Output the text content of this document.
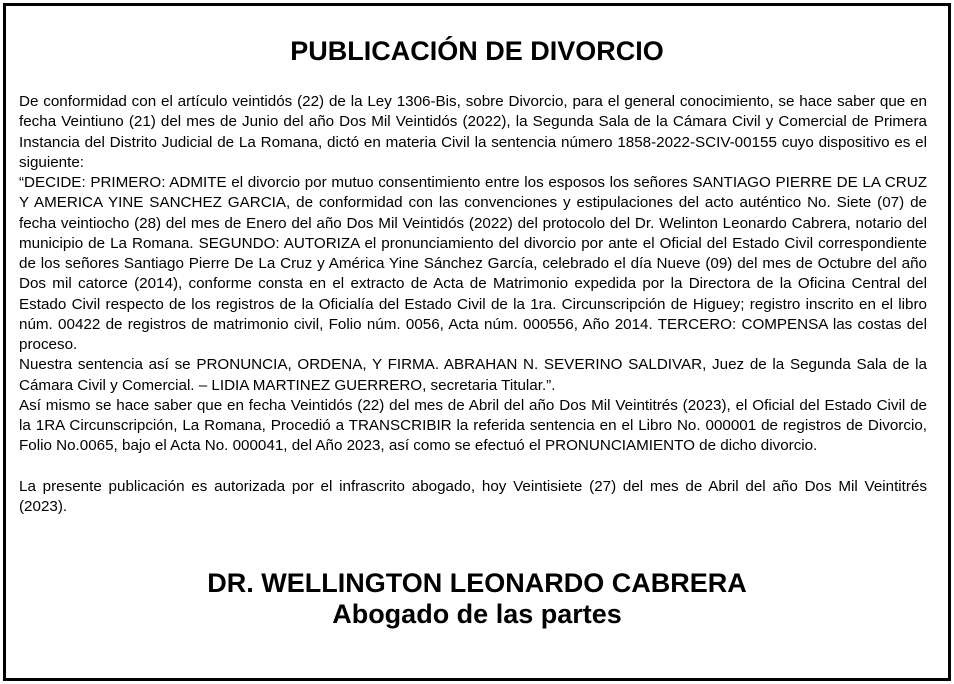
PUBLICACIÓN DE DIVORCIO

De conformidad con el artículo veintidós (22) de la Ley 1306-Bis, sobre Divorcio, para el general conocimiento, se hace saber que en fecha Veintiuno (21) del mes de Junio del año Dos Mil Veintidós (2022), la Segunda Sala de la Cámara Civil y Comercial de Primera Instancia del Distrito Judicial de La Romana, dictó en materia Civil la sentencia número 1858-2022-SCIV-00155 cuyo dispositivo es el siguiente:

“DECIDE: PRIMERO: ADMITE el divorcio por mutuo consentimiento entre los esposos los señores SANTIAGO PIERRE DE LA CRUZ Y AMERICA YINE SANCHEZ GARCIA, de conformidad con las convenciones y estipulaciones del acto auténtico No. Siete (07) de fecha veintiocho (28) del mes de Enero del año Dos Mil Veintidós (2022) del protocolo del Dr. Welinton Leonardo Cabrera, notario del municipio de La Romana. SEGUNDO: AUTORIZA el pronunciamiento del divorcio por ante el Oficial del Estado Civil correspondiente de los señores Santiago Pierre De La Cruz y América Yine Sánchez García, celebrado el día Nueve (09) del mes de Octubre del año Dos mil catorce (2014), conforme consta en el extracto de Acta de Matrimonio expedida por la Directora de la Oficina Central del Estado Civil respecto de los registros de la Oficialía del Estado Civil de la 1ra. Circunscripción de Higuey; registro inscrito en el libro núm. 00422 de registros de matrimonio civil, Folio núm. 0056, Acta núm. 000556, Año 2014. TERCERO: COMPENSA las costas del proceso.

Nuestra sentencia así se PRONUNCIA, ORDENA, Y FIRMA. ABRAHAN N. SEVERINO SALDIVAR, Juez de la Segunda Sala de la Cámara Civil y Comercial. – LIDIA MARTINEZ GUERRERO, secretaria Titular.”.

Así mismo se hace saber que en fecha Veintidós (22) del mes de Abril del año Dos Mil Veintitrés (2023), el Oficial del Estado Civil de la 1RA Circunscripción, La Romana, Procedió a TRANSCRIBIR la referida sentencia en el Libro No. 000001 de registros de Divorcio, Folio No.0065, bajo el Acta No. 000041, del Año 2023, así como se efectuó el PRONUNCIAMIENTO de dicho divorcio.

La presente publicación es autorizada por el infrascrito abogado, hoy Veintisiete (27) del mes de Abril del año Dos Mil Veintitrés (2023).

DR. WELLINGTON LEONARDO CABRERA

Abogado de las partes
